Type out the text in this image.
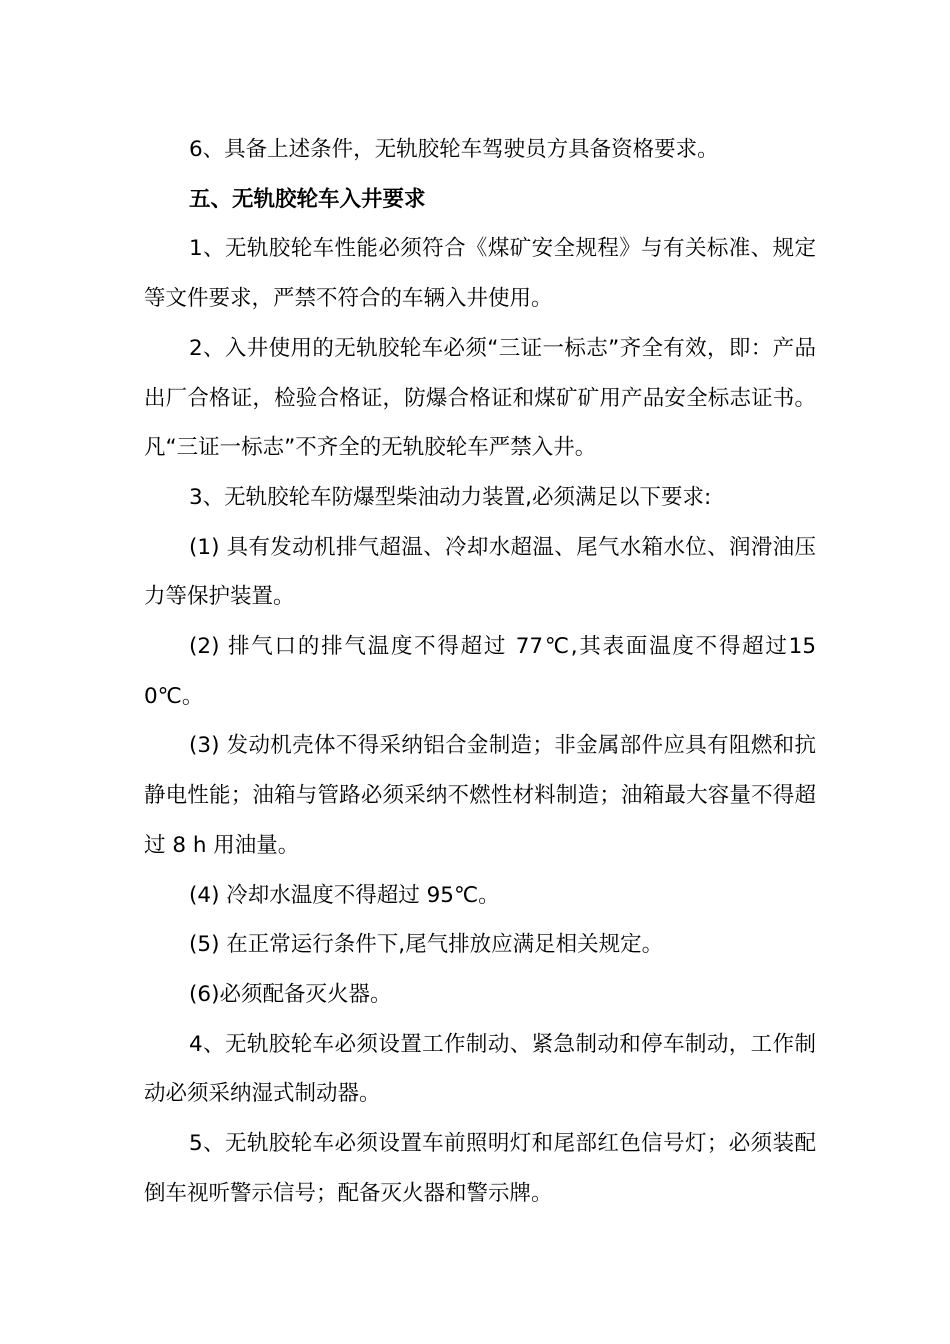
6、具备上述条件，无轨胶轮车驾驶员方具备资格要求。

五、无轨胶轮车入井要求

1、无轨胶轮车性能必须符合《煤矿安全规程》与有关标准、规定等文件要求，严禁不符合的车辆入井使用。

2、入井使用的无轨胶轮车必须“三证一标志”齐全有效，即：产品出厂合格证，检验合格证，防爆合格证和煤矿矿用产品安全标志证书。凡“三证一标志”不齐全的无轨胶轮车严禁入井。

3、无轨胶轮车防爆型柴油动力装置,必须满足以下要求:

(1) 具有发动机排气超温、冷却水超温、尾气水箱水位、润滑油压力等保护装置。

(2) 排气口的排气温度不得超过 77℃,其表面温度不得超过150℃。

(3) 发动机壳体不得采纳铝合金制造；非金属部件应具有阻燃和抗静电性能；油箱与管路必须采纳不燃性材料制造；油箱最大容量不得超过 8 h 用油量。

(4) 冷却水温度不得超过 95℃。

(5) 在正常运行条件下,尾气排放应满足相关规定。

(6)必须配备灭火器。

4、无轨胶轮车必须设置工作制动、紧急制动和停车制动，工作制动必须采纳湿式制动器。

5、无轨胶轮车必须设置车前照明灯和尾部红色信号灯；必须装配倒车视听警示信号；配备灭火器和警示牌。
